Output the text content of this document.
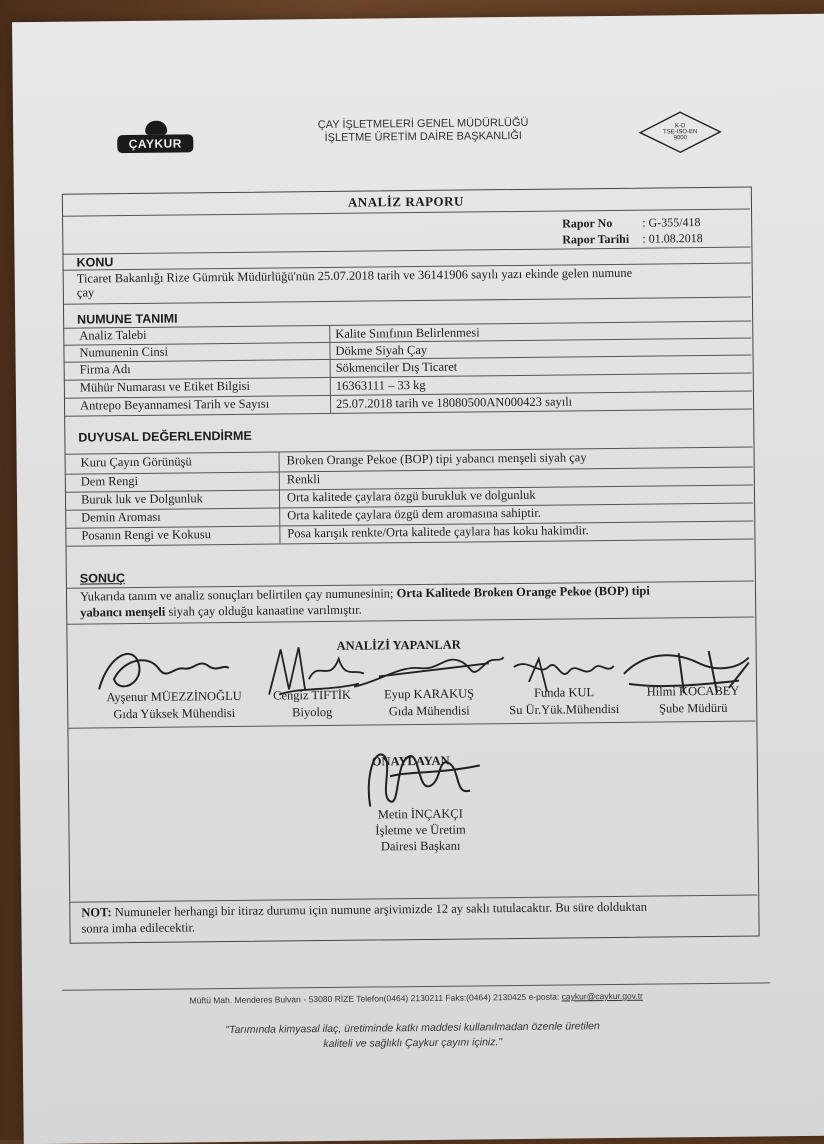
ÇAYKUR
ÇAY İŞLETMELERİ GENEL MÜDÜRLÜĞÜ
İŞLETME ÜRETİM DAİRE BAŞKANLIĞI
K-D
TSE-ISO-EN
9000
ANALİZ RAPORU
Rapor No : G-355/418
Rapor Tarihi : 01.08.2018
KONU
Ticaret Bakanlığı Rize Gümrük Müdürlüğü'nün 25.07.2018 tarih ve 36141906 sayılı yazı ekinde gelen numune
çay
NUMUNE TANIMI
Analiz Talebi	Kalite Sınıfının Belirlenmesi
Numunenin Cinsi	Dökme Siyah Çay
Firma Adı	Sökmenciler Dış Ticaret
Mühür Numarası ve Etiket Bilgisi	16363111 – 33 kg
Antrepo Beyannamesi Tarih ve Sayısı	25.07.2018 tarih ve 18080500AN000423 sayılı
DUYUSAL DEĞERLENDİRME
Kuru Çayın Görünüşü	Broken Orange Pekoe (BOP) tipi yabancı menşeli siyah çay
Dem Rengi	Renkli
Buruk luk ve Dolgunluk	Orta kalitede çaylara özgü burukluk ve dolgunluk
Demin Aroması	Orta kalitede çaylara özgü dem aromasına sahiptir.
Posanın Rengi ve Kokusu	Posa karışık renkte/Orta kalitede çaylara has koku hakimdir.
SONUÇ
Yukarıda tanım ve analiz sonuçları belirtilen çay numunesinin; Orta Kalitede Broken Orange Pekoe (BOP) tipi
yabancı menşeli siyah çay olduğu kanaatine varılmıştır.
ANALİZİ YAPANLAR
Ayşenur MÜEZZİNOĞLU
Gıda Yüksek Mühendisi
Cengiz TİFTİK
Biyolog
Eyup KARAKUŞ
Gıda Mühendisi
Funda KUL
Su Ür.Yük.Mühendisi
Hilmi KOCABEY
Şube Müdürü
ONAYLAYAN
Metin İNÇAKÇI
İşletme ve Üretim
Dairesi Başkanı
NOT: Numuneler herhangi bir itiraz durumu için numune arşivimizde 12 ay saklı tutulacaktır. Bu süre dolduktan
sonra imha edilecektir.
Müftü Mah. Menderes Bulvarı - 53080 RİZE Telefon(0464) 2130211 Faks:(0464) 2130425 e-posta: caykur@caykur.gov.tr
"Tarımında kimyasal ilaç, üretiminde katkı maddesi kullanılmadan özenle üretilen
kaliteli ve sağlıklı Çaykur çayını içiniz."
